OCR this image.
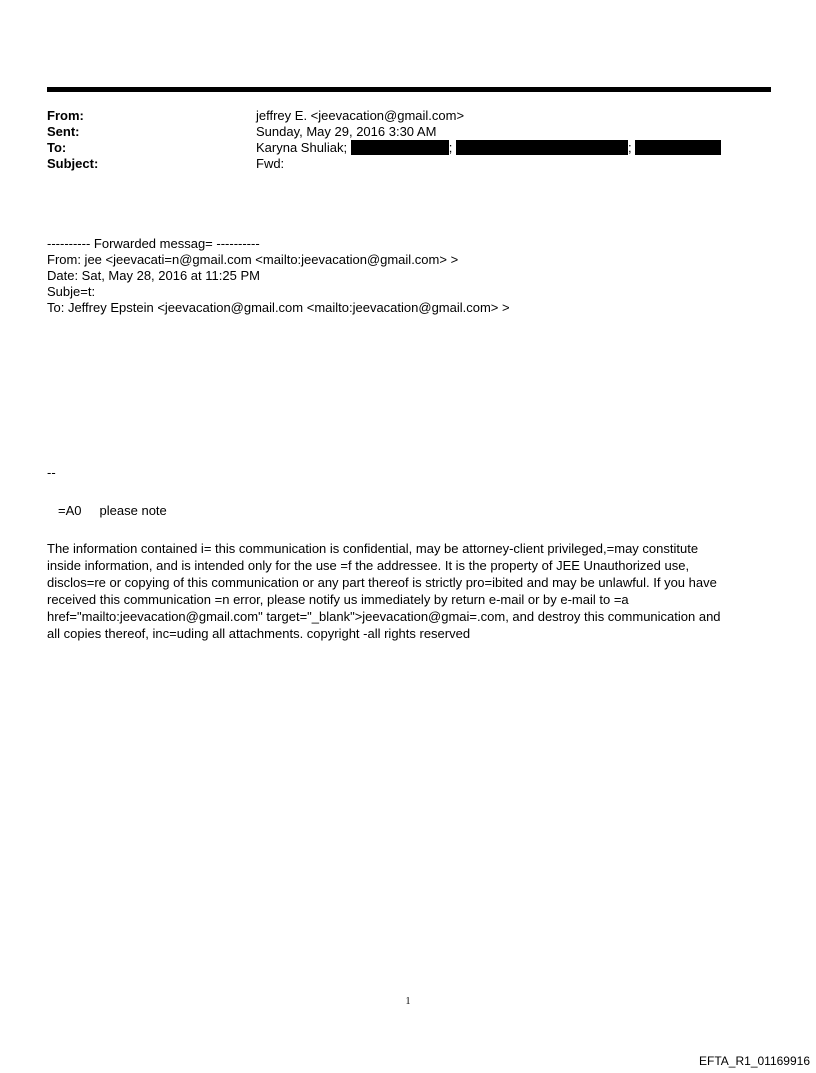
From:	jeffrey E. <jeevacation@gmail.com>
Sent:	Sunday, May 29, 2016 3:30 AM
To:	Karyna Shuliak;	;	;
Subject:	Fwd:
---------- Forwarded messag= ----------
From: jee <jeevacati=n@gmail.com <mailto:jeevacation@gmail.com> >
Date: Sat, May 28, 2016 at 11:25 PM
Subje=t:
To: Jeffrey Epstein <jeevacation@gmail.com <mailto:jeevacation@gmail.com> >
--
=A0     please note
The information contained i= this communication is confidential, may be attorney-client privileged,=may constitute
inside information, and is intended only for the use =f the addressee. It is the property of JEE Unauthorized use,
disclos=re or copying of this communication or any part thereof is strictly pro=ibited and may be unlawful. If you have
received this communication =n error, please notify us immediately by return e-mail or by e-mail to =a
href="mailto:jeevacation@gmail.com" target="_blank">jeevacation@gmai=.com, and destroy this communication and
all copies thereof, inc=uding all attachments. copyright -all rights reserved
1
EFTA_R1_01169916
